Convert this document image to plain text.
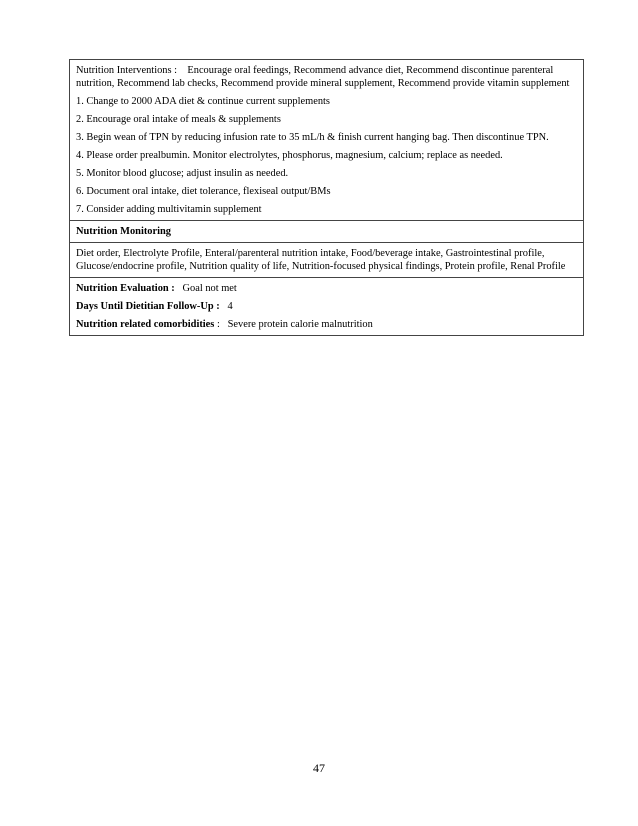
Nutrition Interventions : Encourage oral feedings, Recommend advance diet, Recommend discontinue parenteral nutrition, Recommend lab checks, Recommend provide mineral supplement, Recommend provide vitamin supplement

1. Change to 2000 ADA diet & continue current supplements

2. Encourage oral intake of meals & supplements

3. Begin wean of TPN by reducing infusion rate to 35 mL/h & finish current hanging bag. Then discontinue TPN.

4. Please order prealbumin. Monitor electrolytes, phosphorus, magnesium, calcium; replace as needed.

5. Monitor blood glucose; adjust insulin as needed.

6. Document oral intake, diet tolerance, flexiseal output/BMs

7. Consider adding multivitamin supplement

Nutrition Monitoring

Diet order, Electrolyte Profile, Enteral/parenteral nutrition intake, Food/beverage intake, Gastrointestinal profile, Glucose/endocrine profile, Nutrition quality of life, Nutrition-focused physical findings, Protein profile, Renal Profile

Nutrition Evaluation : Goal not met

Days Until Dietitian Follow-Up : 4

Nutrition related comorbidities : Severe protein calorie malnutrition

47
